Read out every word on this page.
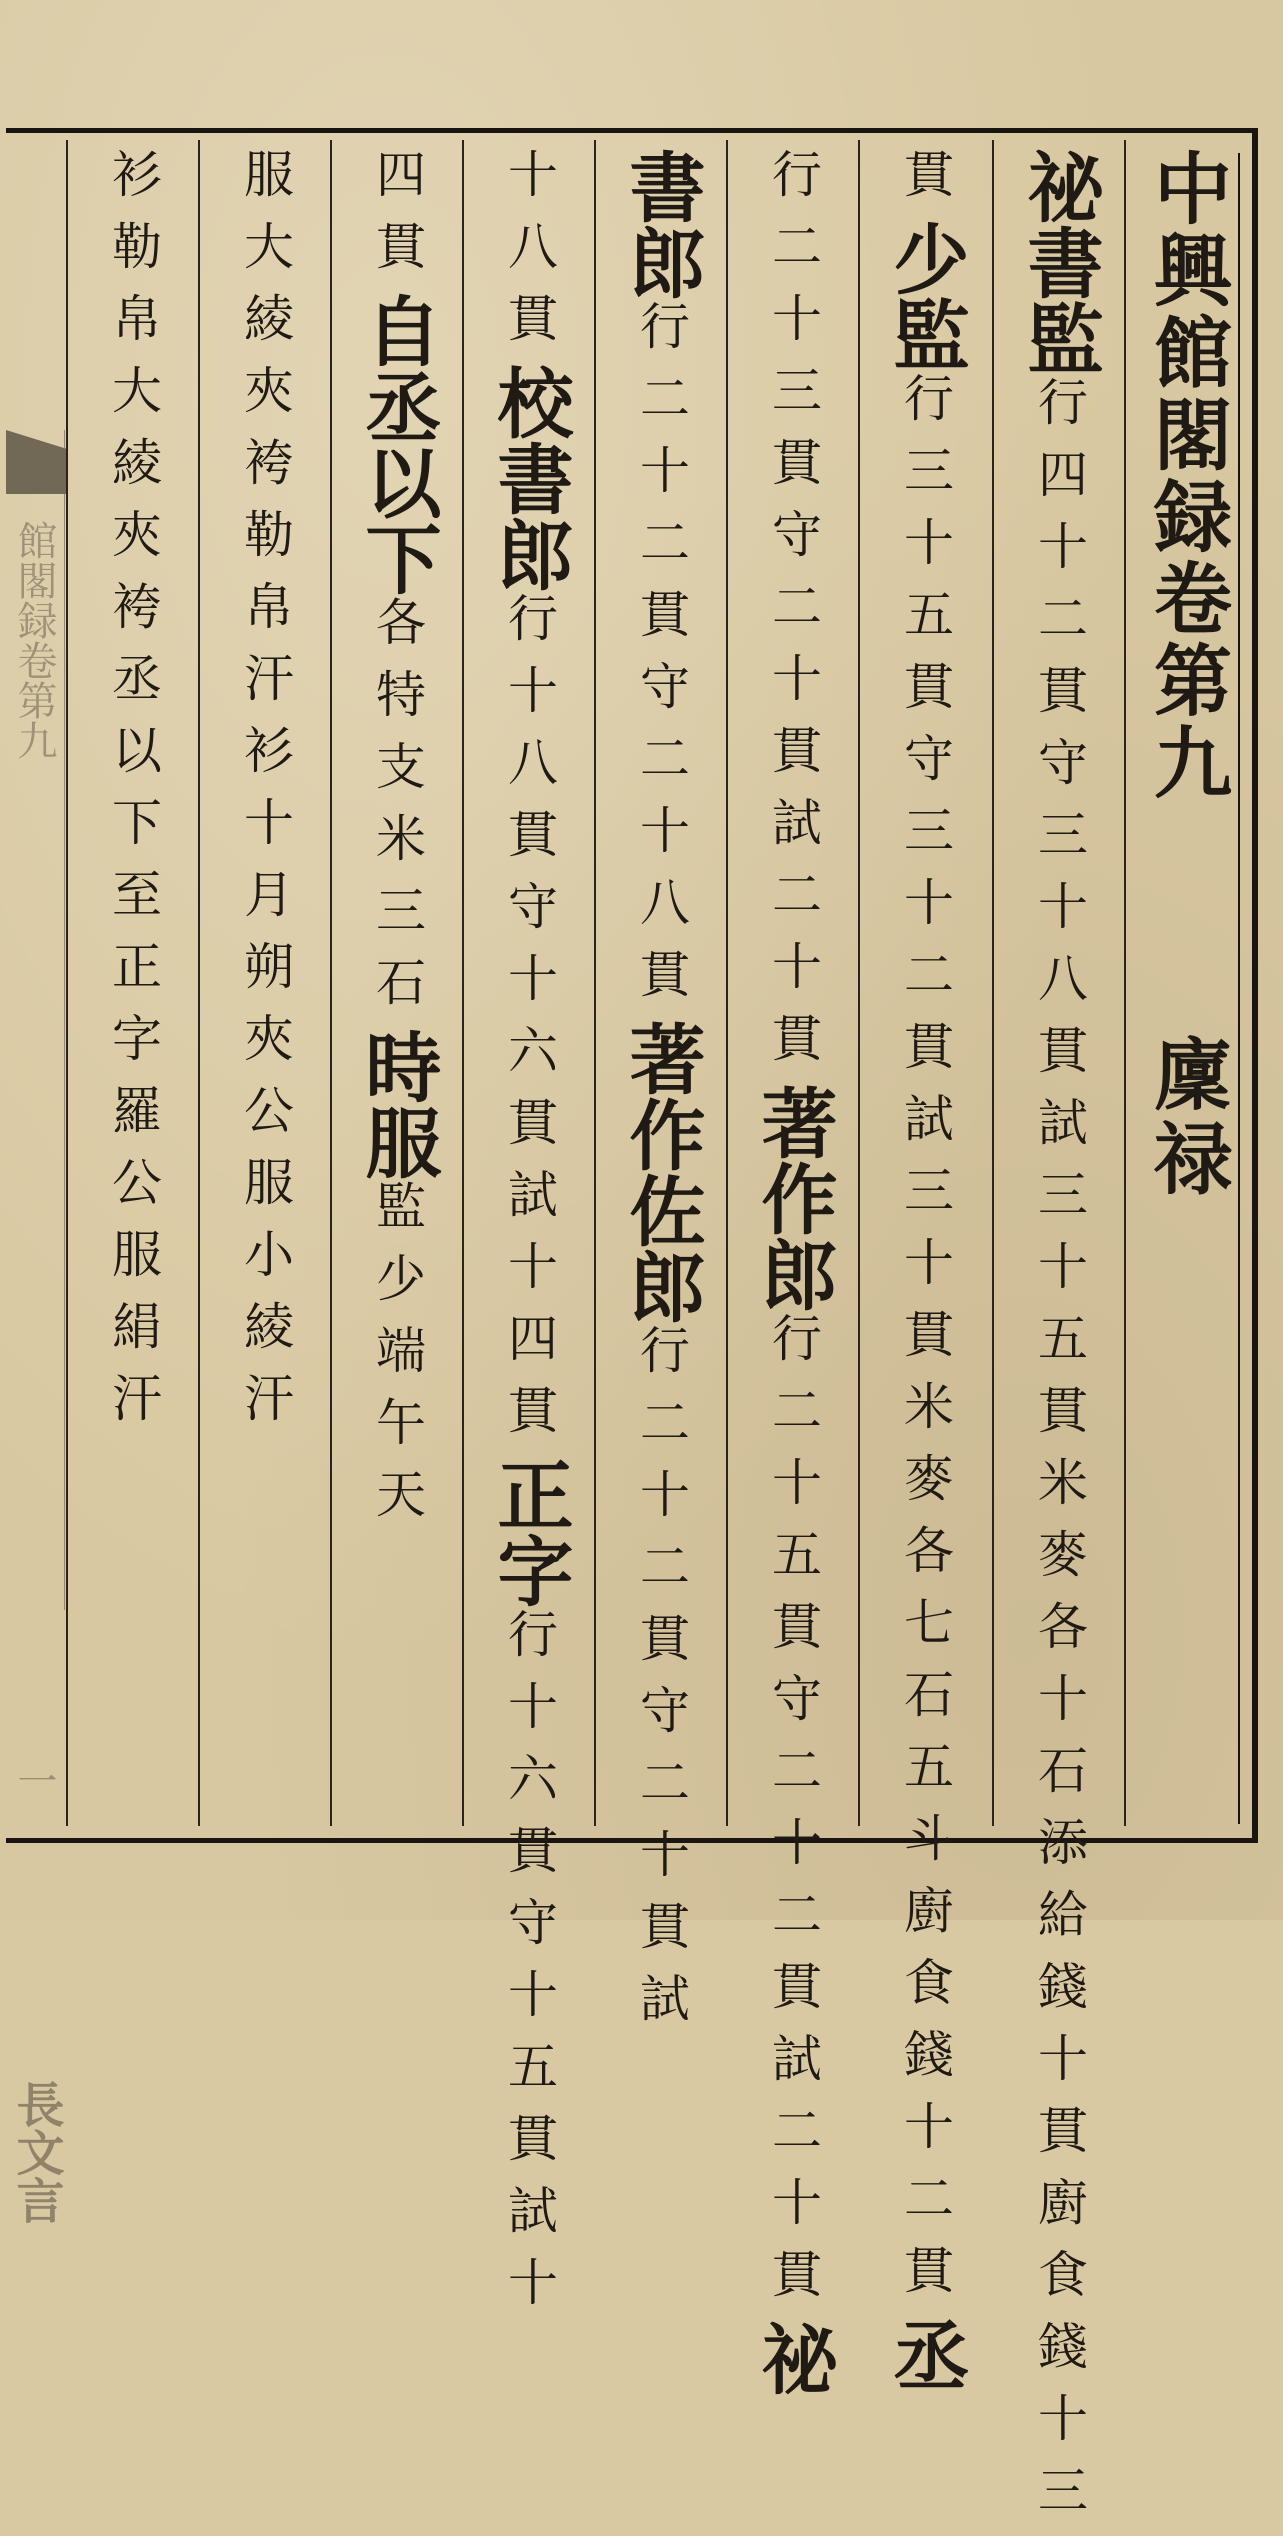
館閣録卷第九
一
長文言
中興館閣録卷第九
廩禄
祕書監
行四十二貫守三十八貫試三十五貫米麥各十石添給錢十貫廚食錢十三
貫
少監
行三十五貫守三十二貫試三十貫米麥各七石五斗廚食錢十二貫
丞
行二十三貫守二十貫試二十貫
著作郎
行二十五貫守二十二貫試二十貫
祕
書郎
行二十二貫守二十八貫
著作佐郎
行二十二貫守二十貫試
十八貫
校書郎
行十八貫守十六貫試十四貫
正字
行十六貫守十五貫試十
四貫
自丞以下
各特支米三石
時服
監少端午天
服大綾夾袴勒帛汗衫十月朔夾公服小綾汗
衫勒帛大綾夾袴丞以下至正字羅公服絹汗
